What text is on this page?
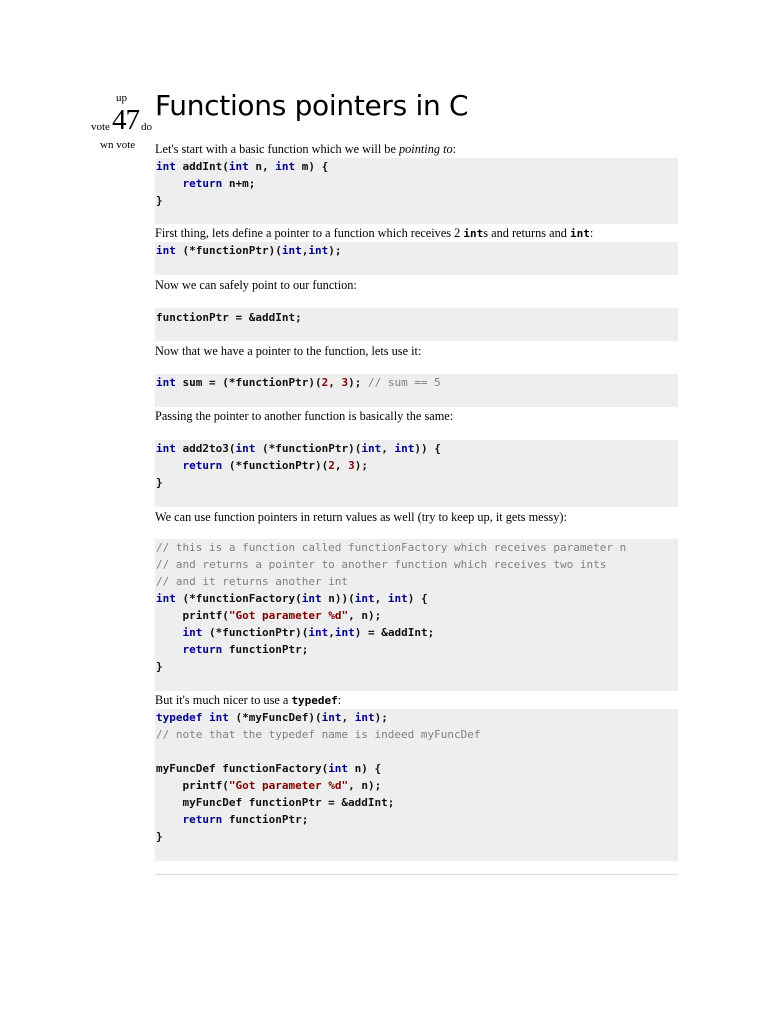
up
vote 47 do
wn vote
Functions pointers in C

Let's start with a basic function which we will be pointing to:

int addInt(int n, int m) {
return n+m;
}

First thing, lets define a pointer to a function which receives 2 ints and returns and int:

int (*functionPtr)(int,int);

Now we can safely point to our function:

functionPtr = &addInt;

Now that we have a pointer to the function, lets use it:

int sum = (*functionPtr)(2, 3); // sum == 5

Passing the pointer to another function is basically the same:

int add2to3(int (*functionPtr)(int, int)) {
return (*functionPtr)(2, 3);
}

We can use function pointers in return values as well (try to keep up, it gets messy):

// this is a function called functionFactory which receives parameter n
// and returns a pointer to another function which receives two ints
// and it returns another int
int (*functionFactory(int n))(int, int) {
printf("Got parameter %d", n);
int (*functionPtr)(int,int) = &addInt;
return functionPtr;
}

But it's much nicer to use a typedef:

typedef int (*myFuncDef)(int, int);
// note that the typedef name is indeed myFuncDef

myFuncDef functionFactory(int n) {
printf("Got parameter %d", n);
myFuncDef functionPtr = &addInt;
return functionPtr;
}
